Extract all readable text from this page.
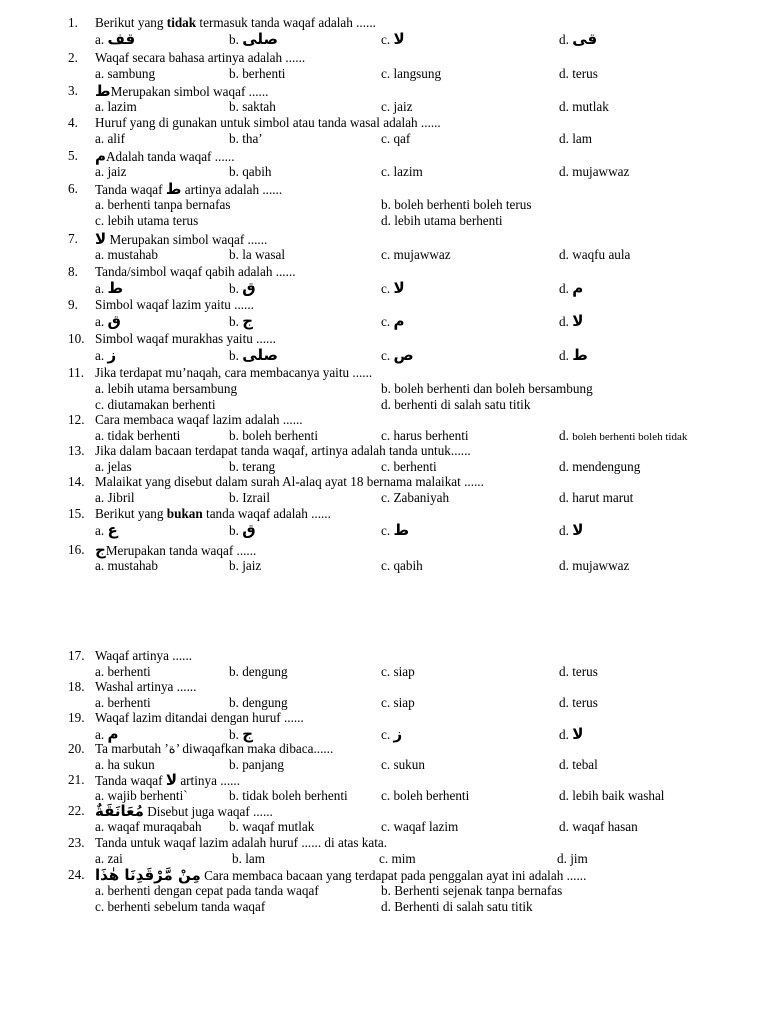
1. Berikut yang tidak termasuk tanda waqaf adalah ......
a. قف	b. صلى	c. لا	d. قى
2. Waqaf secara bahasa artinya adalah ......
a. sambung	b. berhenti	c. langsung	d. terus
3. طMerupakan simbol waqaf ......
a. lazim	b. saktah	c. jaiz	d. mutlak
4. Huruf yang di gunakan untuk simbol atau tanda wasal adalah ......
a. alif	b. tha’	c. qaf	d. lam
5. مAdalah tanda waqaf ......
a. jaiz	b. qabih	c. lazim	d. mujawwaz
6. Tanda waqaf ط artinya adalah ......
a. berhenti tanpa bernafas	b. boleh berhenti boleh terus
c. lebih utama terus	d. lebih utama berhenti
7. لا Merupakan simbol waqaf ......
a. mustahab	b. la wasal	c. mujawwaz	d. waqfu aula
8. Tanda/simbol waqaf qabih adalah ......
a. ط	b. ق	c. لا	d. م
9. Simbol waqaf lazim yaitu ......
a. ق	b. ج	c. م	d. لا
10. Simbol waqaf murakhas yaitu ......
a. ز	b. صلى	c. ص	d. ط
11. Jika terdapat mu’naqah, cara membacanya yaitu ......
a. lebih utama bersambung	b. boleh berhenti dan boleh bersambung
c. diutamakan berhenti	d. berhenti di salah satu titik
12. Cara membaca waqaf lazim adalah ......
a. tidak berhenti	b. boleh berhenti	c. harus berhenti	d. boleh berhenti boleh tidak
13. Jika dalam bacaan terdapat tanda waqaf, artinya adalah tanda untuk......
a. jelas	b. terang	c. berhenti	d. mendengung
14. Malaikat yang disebut dalam surah Al-alaq ayat 18 bernama malaikat ......
a. Jibril	b. Izrail	c. Zabaniyah	d. harut marut
15. Berikut yang bukan tanda waqaf adalah ......
a. ع	b. ق	c. ط	d. لا
16. جMerupakan tanda waqaf ......
a. mustahab	b. jaiz	c. qabih	d. mujawwaz
17. Waqaf artinya ......
a. berhenti	b. dengung	c. siap	d. terus
18. Washal artinya ......
a. berhenti	b. dengung	c. siap	d. terus
19. Waqaf lazim ditandai dengan huruf ......
a. م	b. ج	c. ز	d. لا
20. Ta marbutah ’ة’ diwaqafkan maka dibaca......
a. ha sukun	b. panjang	c. sukun	d. tebal
21. Tanda waqaf لا artinya ......
a. wajib berhenti`	b. tidak boleh berhenti	c. boleh berhenti	d. lebih baik washal
22. مُعَانَقَةٌ Disebut juga waqaf ......
a. waqaf muraqabah b. waqaf mutlak	c. waqaf lazim	d. waqaf hasan
23. Tanda untuk waqaf lazim adalah huruf ...... di atas kata.
a. zai	b. lam	c. mim	d. jim
24. مِنْ مَّرْقَدِنَا هٰذَا Cara membaca bacaan yang terdapat pada penggalan ayat ini adalah ......
a. berhenti dengan cepat pada tanda waqaf	b. Berhenti sejenak tanpa bernafas
c. berhenti sebelum tanda waqaf	d. Berhenti di salah satu titik
